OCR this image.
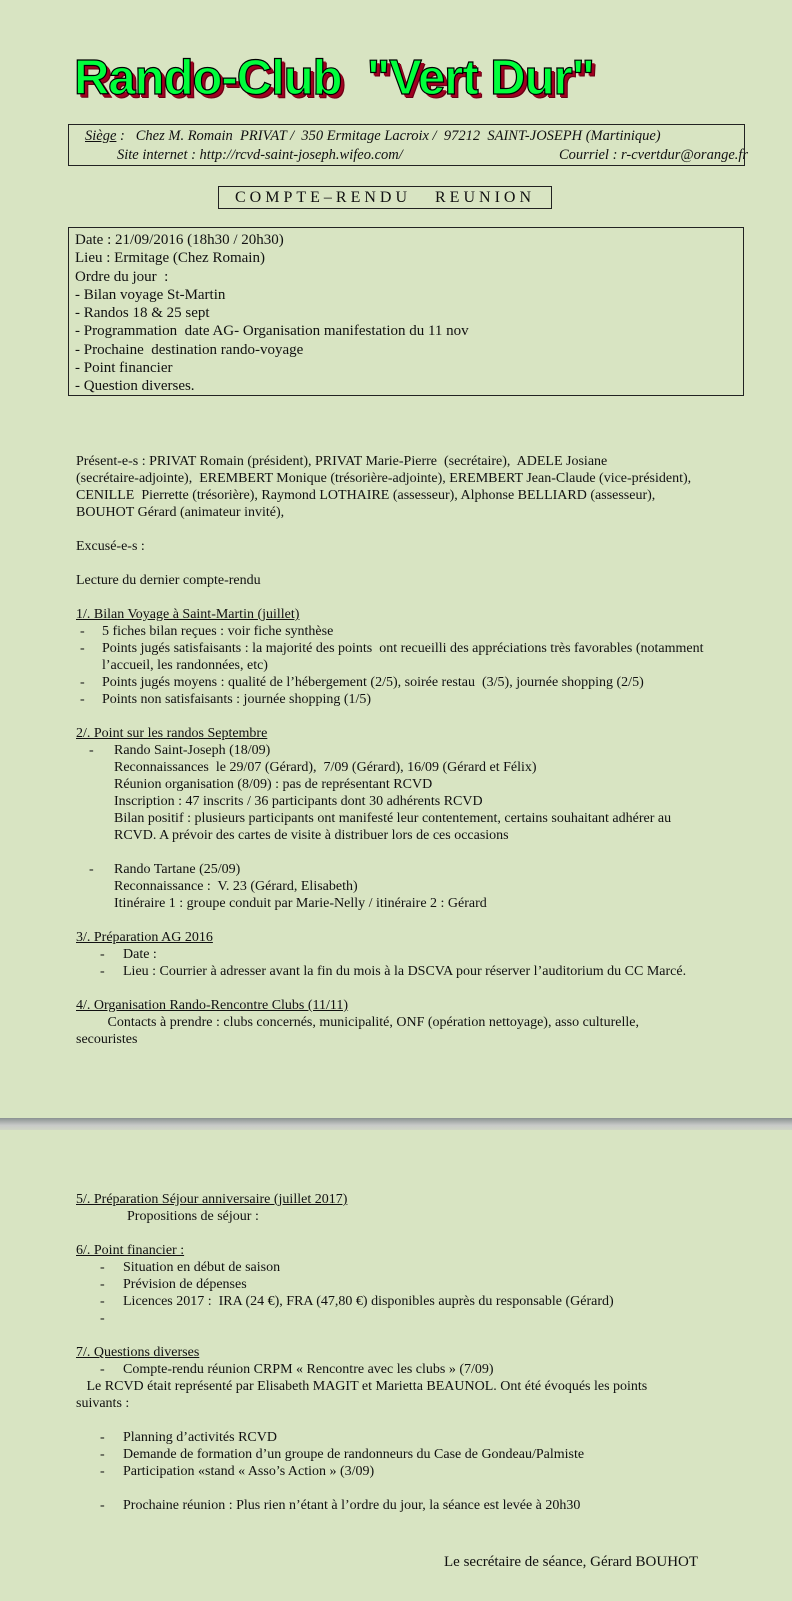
Rando-Club  "Vert Dur"
Siège :   Chez M. Romain  PRIVAT /  350 Ermitage Lacroix /  97212  SAINT-JOSEPH (Martinique)
Site internet : http://rcvd-saint-joseph.wifeo.com/	Courriel : r-cvertdur@orange.fr
COMPTE–RENDU   REUNION
Date : 21/09/2016 (18h30 / 20h30)
Lieu : Ermitage (Chez Romain)
Ordre du jour  :
- Bilan voyage St-Martin
- Randos 18 & 25 sept
- Programmation  date AG- Organisation manifestation du 11 nov
- Prochaine  destination rando-voyage
- Point financier
- Question diverses.
Présent-e-s : PRIVAT Romain (président), PRIVAT Marie-Pierre  (secrétaire),  ADELE Josiane
(secrétaire-adjointe),  EREMBERT Monique (trésorière-adjointe), EREMBERT Jean-Claude (vice-président),
CENILLE  Pierrette (trésorière), Raymond LOTHAIRE (assesseur), Alphonse BELLIARD (assesseur),
BOUHOT Gérard (animateur invité),
Excusé-e-s :
Lecture du dernier compte-rendu
1/. Bilan Voyage à Saint-Martin (juillet)
- 5 fiches bilan reçues : voir fiche synthèse
- Points jugés satisfaisants : la majorité des points  ont recueilli des appréciations très favorables (notamment
l’accueil, les randonnées, etc)
- Points jugés moyens : qualité de l’hébergement (2/5), soirée restau  (3/5), journée shopping (2/5)
- Points non satisfaisants : journée shopping (1/5)
2/. Point sur les randos Septembre
- Rando Saint-Joseph (18/09)
Reconnaissances  le 29/07 (Gérard),  7/09 (Gérard), 16/09 (Gérard et Félix)
Réunion organisation (8/09) : pas de représentant RCVD
Inscription : 47 inscrits / 36 participants dont 30 adhérents RCVD
Bilan positif : plusieurs participants ont manifesté leur contentement, certains souhaitant adhérer au
RCVD. A prévoir des cartes de visite à distribuer lors de ces occasions
- Rando Tartane (25/09)
Reconnaissance :  V. 23 (Gérard, Elisabeth)
Itinéraire 1 : groupe conduit par Marie-Nelly / itinéraire 2 : Gérard
3/. Préparation AG 2016
- Date :
- Lieu : Courrier à adresser avant la fin du mois à la DSCVA pour réserver l’auditorium du CC Marcé.
4/. Organisation Rando-Rencontre Clubs (11/11)
Contacts à prendre : clubs concernés, municipalité, ONF (opération nettoyage), asso culturelle,
secouristes
5/. Préparation Séjour anniversaire (juillet 2017)
Propositions de séjour :
6/. Point financier :
- Situation en début de saison
- Prévision de dépenses
- Licences 2017 :  IRA (24 €), FRA (47,80 €) disponibles auprès du responsable (Gérard)
-

7/. Questions diverses
- Compte-rendu réunion CRPM « Rencontre avec les clubs » (7/09)
Le RCVD était représenté par Elisabeth MAGIT et Marietta BEAUNOL. Ont été évoqués les points
suivants :
- Planning d’activités RCVD
- Demande de formation d’un groupe de randonneurs du Case de Gondeau/Palmiste
- Participation «stand « Asso’s Action » (3/09)
- Prochaine réunion : Plus rien n’étant à l’ordre du jour, la séance est levée à 20h30
Le secrétaire de séance, Gérard BOUHOT
